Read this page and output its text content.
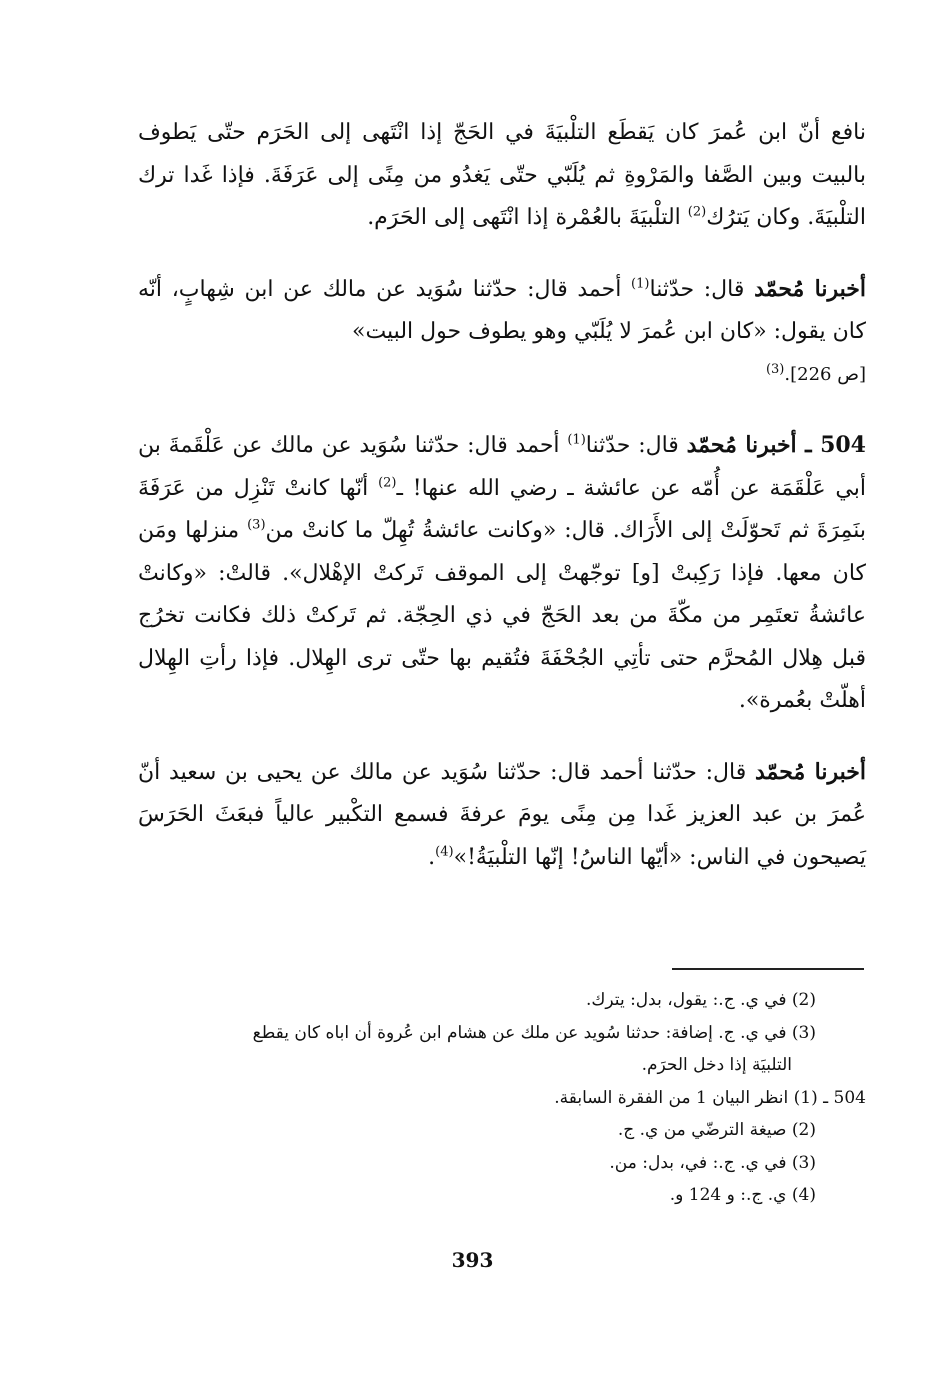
نافع أنّ ابن عُمرَ كان يَقطَع التلْبيَةَ في الحَجّ إذا انْتَهى إلى الحَرَم حتّى يَطوف بالبيت وبين الصَّفا والمَرْوةِ ثم يُلَبّي حتّى يَغدُو من مِنًى إلى عَرَفَةَ. فإذا غَدا ترك التلْبيَةَ. وكان يَترُك$^{(2)}$ التلْبيَةَ بالعُمْرة إذا انْتَهى إلى الحَرَم.

أخبرنا مُحمّد قال: حدّثنا$^{(1)}$ أحمد قال: حدّثنا سُوَيد عن مالك عن ابن شِهابٍ، أنّه كان يقول: «كان ابن عُمرَ لا يُلَبّي وهو يطوف حول البيت»
[ص 226].$^{(3)}$

504 ـ أخبرنا مُحمّد قال: حدّثنا$^{(1)}$ أحمد قال: حدّثنا سُوَيد عن مالك عن عَلْقَمةَ بن أبي عَلْقَمَة عن أُمّه عن عائشة ـ رضي الله عنها! ـ$^{(2)}$ أنّها كانتْ تَنْزِل من عَرَفَةَ بنَمِرَةَ ثم تَحوّلَتْ إلى الأَرَاك. قال: «وكانت عائشةُ تُهِلّ ما كانتْ من$^{(3)}$ منزلها ومَن كان معها. فإذا رَكِبتْ [و] توجّهتْ إلى الموقف تَركتْ الإهْلال». قالتْ: «وكانتْ عائشةُ تعتَمِر من مكّةَ من بعد الحَجّ في ذي الحِجّة. ثم تَركتْ ذلك فكانت تخرُج قبل هِلال المُحرَّم حتى تأتِي الجُحْفَةَ فتُقيم بها حتّى ترى الهِلال. فإذا رأتِ الهِلال أهلّتْ بعُمرة».

أخبرنا مُحمّد قال: حدّثنا أحمد قال: حدّثنا سُوَيد عن مالك عن يحيى بن سعيد أنّ عُمرَ بن عبد العزيز غَدا مِن مِنًى يومَ عرفةَ فسمع التكْبير عالياً فبعَثَ الحَرَسَ يَصيحون في الناس: «أيّها الناسُ! إنّها التلْبيَةُ!»$^{(4)}$.

(2) في ي. ج.: يقول، بدل: يترك.

(3) في ي. ج. إضافة: حدثنا سُويد عن ملك عن هشام ابن عُروة أن اباه كان يقطع
التلبيَة إذا دخل الحرَم.

504 ـ (1) انظر البيان 1 من الفقرة السابقة.

(2) صيغة الترضّي من ي. ج.

(3) في ي. ج.: في، بدل: من.

(4) ي. ج.: و 124 و.

393
